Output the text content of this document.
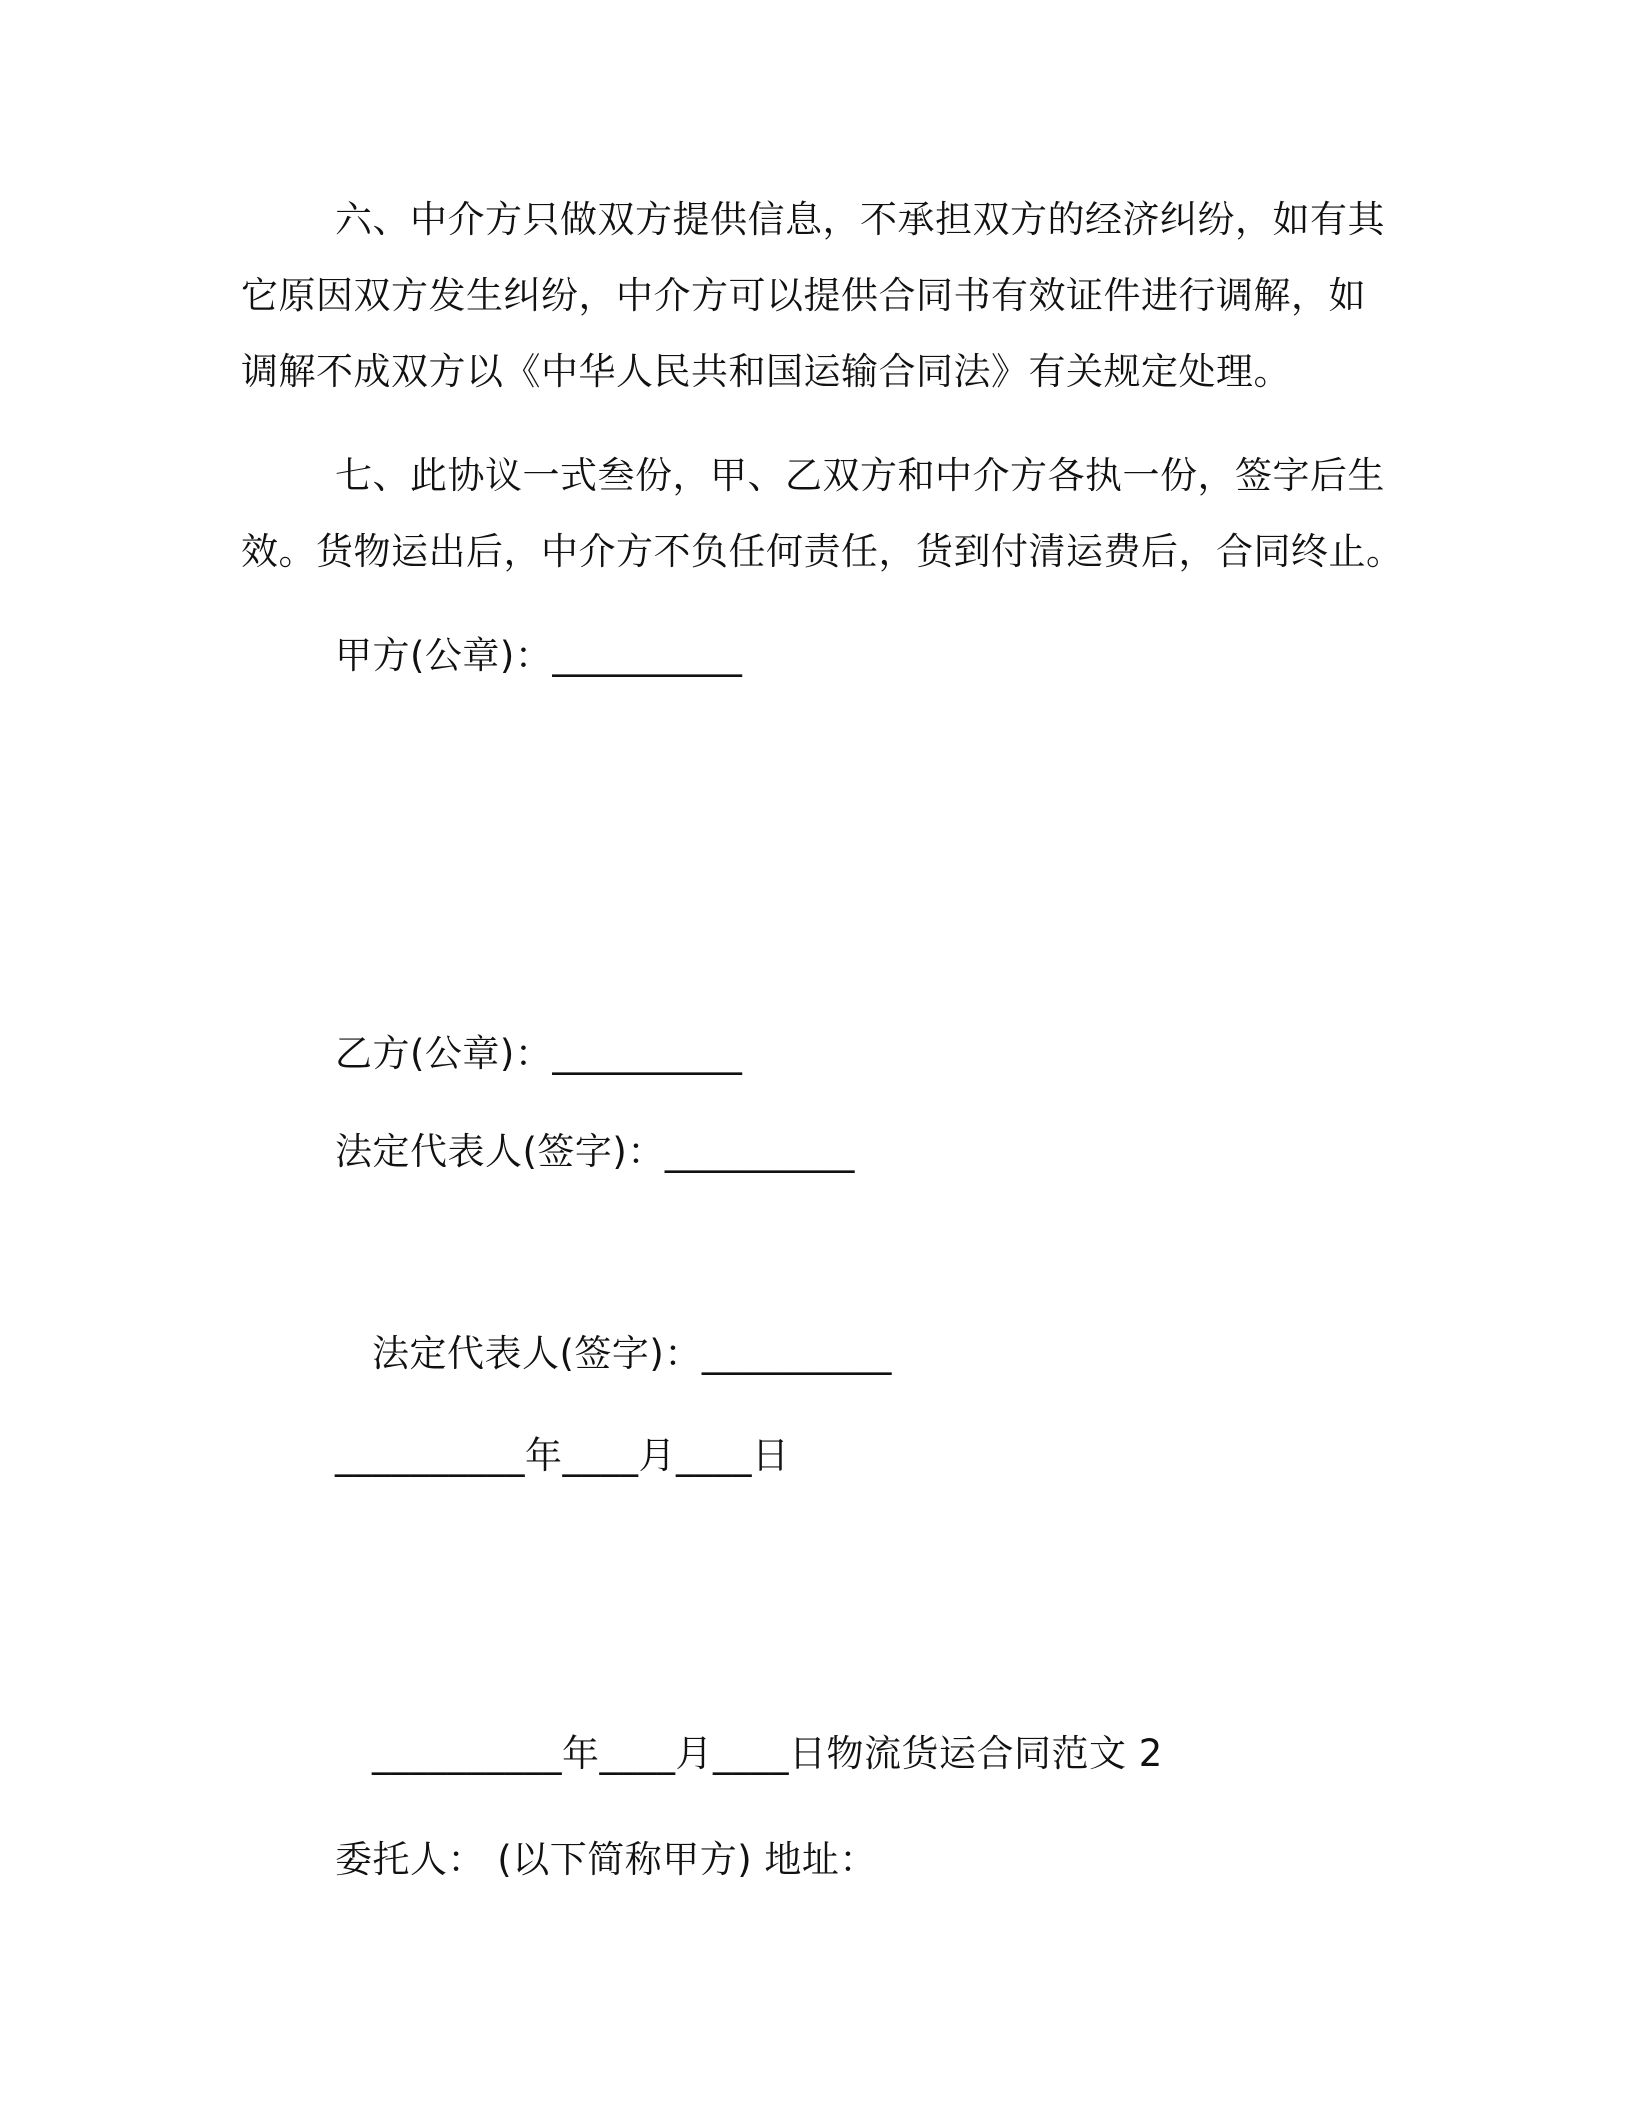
六、中介方只做双方提供信息，不承担双方的经济纠纷，如有其
它原因双方发生纠纷，中介方可以提供合同书有效证件进行调解，如
调解不成双方以《中华人民共和国运输合同法》有关规定处理。
七、此协议一式叁份，甲、乙双方和中介方各执一份，签字后生
效。货物运出后，中介方不负任何责任，货到付清运费后，合同终止。
甲方(公章)：__________
乙方(公章)：__________
法定代表人(签字)：__________
法定代表人(签字)：__________
__________年____月____日
__________年____月____日物流货运合同范文 2
委托人： (以下简称甲方) 地址：
